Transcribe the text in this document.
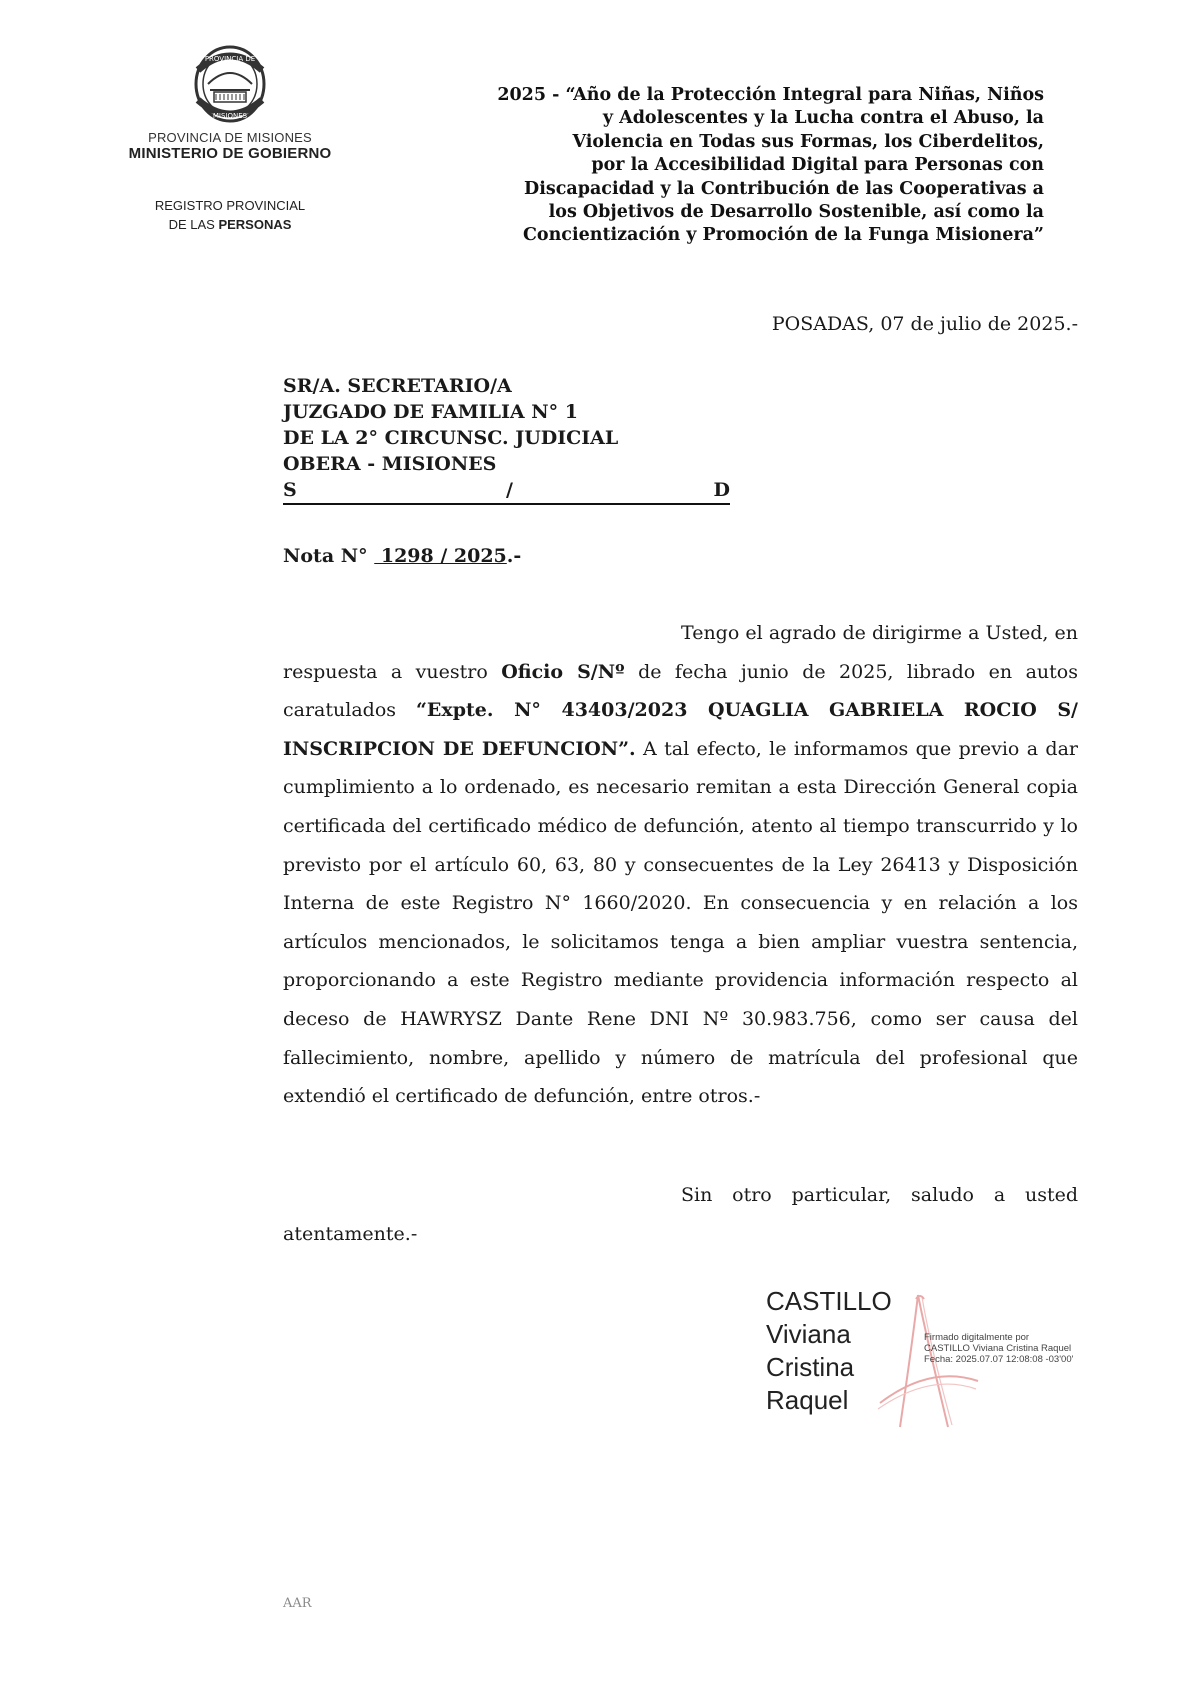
PROVINCIA DE
MISIONES
PROVINCIA DE MISIONES
MINISTERIO DE GOBIERNO
REGISTRO PROVINCIAL
DE LAS PERSONAS
2025 - “Año de la Protección Integral para Niñas, Niños
y Adolescentes y la Lucha contra el Abuso, la
Violencia en Todas sus Formas, los Ciberdelitos,
por la Accesibilidad Digital para Personas con
Discapacidad y la Contribución de las Cooperativas a
los Objetivos de Desarrollo Sostenible, así como la
Concientización y Promoción de la Funga Misionera”
POSADAS, 07 de julio de 2025.-
SR/A. SECRETARIO/A
JUZGADO DE FAMILIA N° 1
DE LA 2° CIRCUNSC. JUDICIAL
OBERA - MISIONES
S	/	D
Nota N°  1298 / 2025.-
Tengo el agrado de dirigirme a Usted, en respuesta a vuestro Oficio S/Nº de fecha junio de 2025, librado en autos caratulados “Expte. N° 43403/2023 QUAGLIA GABRIELA ROCIO S/ INSCRIPCION DE DEFUNCION”. A tal efecto, le informamos que previo a dar cumplimiento a lo ordenado, es necesario remitan a esta Dirección General copia certificada del certificado médico de defunción, atento al tiempo transcurrido y lo previsto por el artículo 60, 63, 80 y consecuentes de la Ley 26413 y Disposición Interna de este Registro N° 1660/2020. En consecuencia y en relación a los artículos mencionados, le solicitamos tenga a bien ampliar vuestra sentencia, proporcionando a este Registro mediante providencia información respecto al deceso de HAWRYSZ Dante Rene DNI Nº 30.983.756, como ser causa del fallecimiento, nombre, apellido y número de matrícula del profesional que extendió el certificado de defunción, entre otros.-
Sin otro particular, saludo a usted atentamente.-
CASTILLO
Viviana
Cristina
Raquel
Firmado digitalmente por
CASTILLO Viviana Cristina Raquel
Fecha: 2025.07.07 12:08:08 -03'00'
AAR
